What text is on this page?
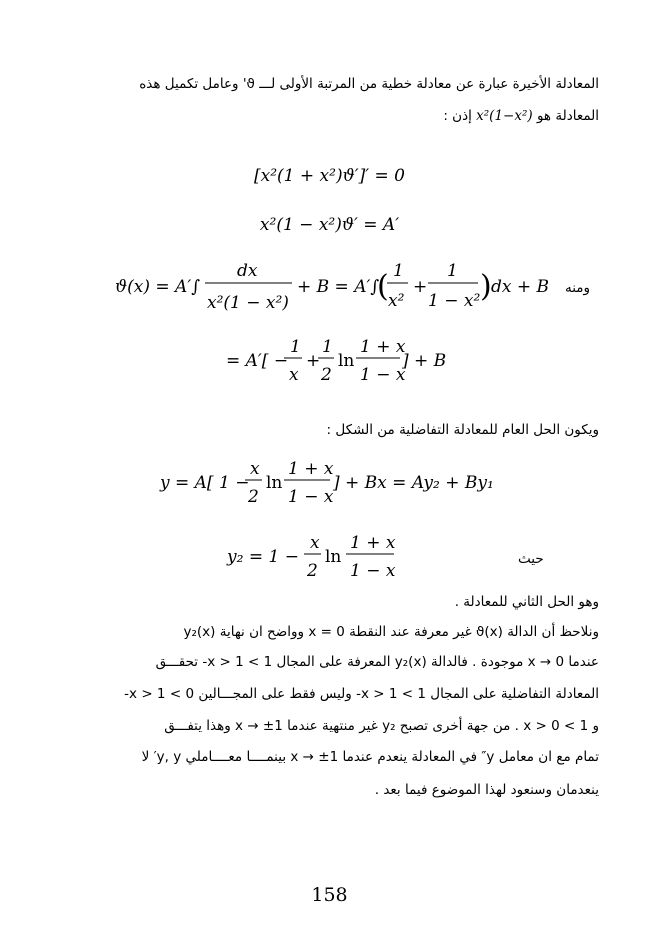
المعادلة الأخيرة عبارة عن معادلة خطية من المرتبة الأولى لـــ ϑ' وعامل تكميل هذه
المعادلة هو x²(1−x²) إذن :
[x²(1 + x²)ϑ′]′ = 0
x²(1 − x²)ϑ′ = A′
ϑ(x) = A′∫
dx
x²(1 − x²)
+ B = A′∫
( 1
x²
+
1
1 − x² ) dx + B ومنه
= A′[ −
1
x
+
1
2
ln
1 + x
1 − x
] + B
ويكون الحل العام للمعادلة التفاضلية من الشكل :
y = A[ 1 −
x
2
ln
1 + x
1 − x
] + Bx = Ay₂ + By₁
y₂ = 1 −
x
2
ln
1 + x
1 − x
حيث
وهو الحل الثاني للمعادلة .
ونلاحظ أن الدالة ϑ(x) غير معرفة عند النقطة x = 0 وواضح ان نهاية y₂(x)
عندما x → 0 موجودة . فالدالة y₂(x) المعرفة على المجال 1 > x > 1- تحقـــق
المعادلة التفاضلية على المجال 1 > x > 1- وليس فقط على المجـــالين 0 > x > 1-
و 1 > x > 0 . من جهة أخرى تصبح y₂ غير منتهية عندما x → ±1 وهذا يتفـــق
تمام مع ان معامل y″ في المعادلة ينعدم عندما x → ±1 بينمــــا معــــاملي y, y′ لا
ينعدمان وسنعود لهذا الموضوع فيما بعد .
158
